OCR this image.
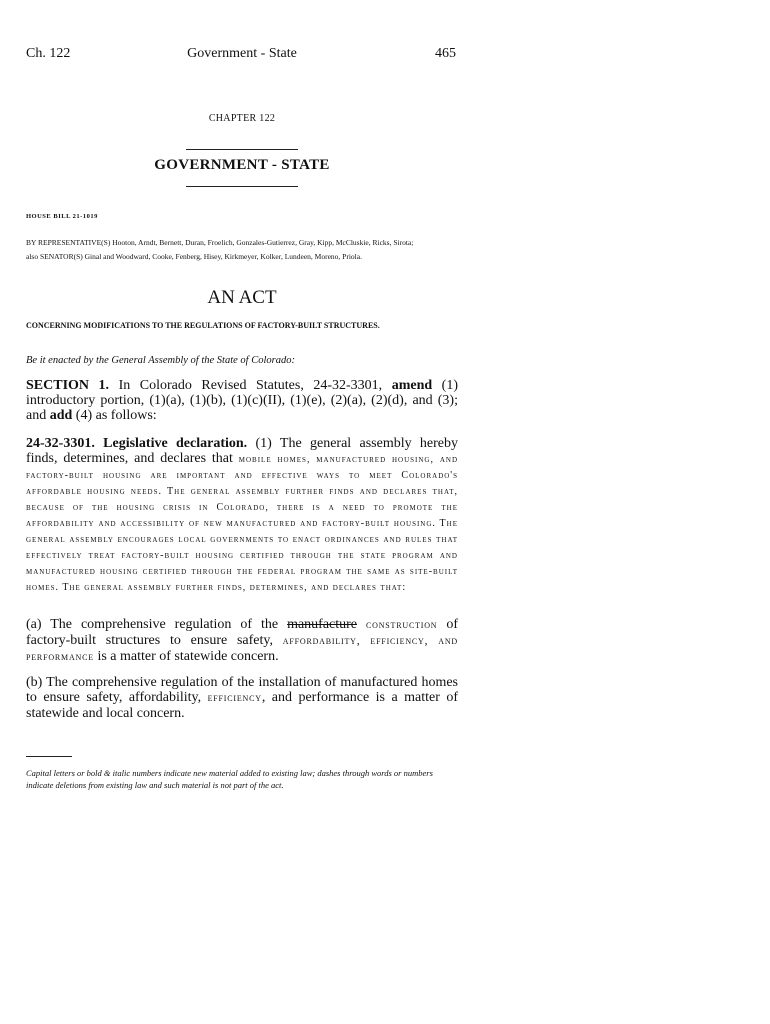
Ch. 122	Government - State	465
CHAPTER 122
GOVERNMENT - STATE
HOUSE BILL 21-1019
BY REPRESENTATIVE(S) Hooton, Arndt, Bernett, Duran, Froelich, Gonzales-Gutierrez, Gray, Kipp, McCluskie, Ricks, Sirota;
also SENATOR(S) Ginal and Woodward, Cooke, Fenberg, Hisey, Kirkmeyer, Kolker, Lundeen, Moreno, Priola.
AN ACT
CONCERNING MODIFICATIONS TO THE REGULATIONS OF FACTORY-BUILT STRUCTURES.
Be it enacted by the General Assembly of the State of Colorado:
SECTION 1. In Colorado Revised Statutes, 24-32-3301, amend (1) introductory portion, (1)(a), (1)(b), (1)(c)(II), (1)(e), (2)(a), (2)(d), and (3); and add (4) as follows:
24-32-3301. Legislative declaration. (1) The general assembly hereby finds, determines, and declares that mobile homes, manufactured housing, and factory-built housing are important and effective ways to meet Colorado's affordable housing needs. The general assembly further finds and declares that, because of the housing crisis in Colorado, there is a need to promote the affordability and accessibility of new manufactured and factory-built housing. The general assembly encourages local governments to enact ordinances and rules that effectively treat factory-built housing certified through the state program and manufactured housing certified through the federal program the same as site-built homes. The general assembly further finds, determines, and declares that:
(a) The comprehensive regulation of the manufacture construction of factory-built structures to ensure safety, affordability, efficiency, and performance is a matter of statewide concern.
(b) The comprehensive regulation of the installation of manufactured homes to ensure safety, affordability, efficiency, and performance is a matter of statewide and local concern.
Capital letters or bold & italic numbers indicate new material added to existing law; dashes through words or numbers indicate deletions from existing law and such material is not part of the act.
